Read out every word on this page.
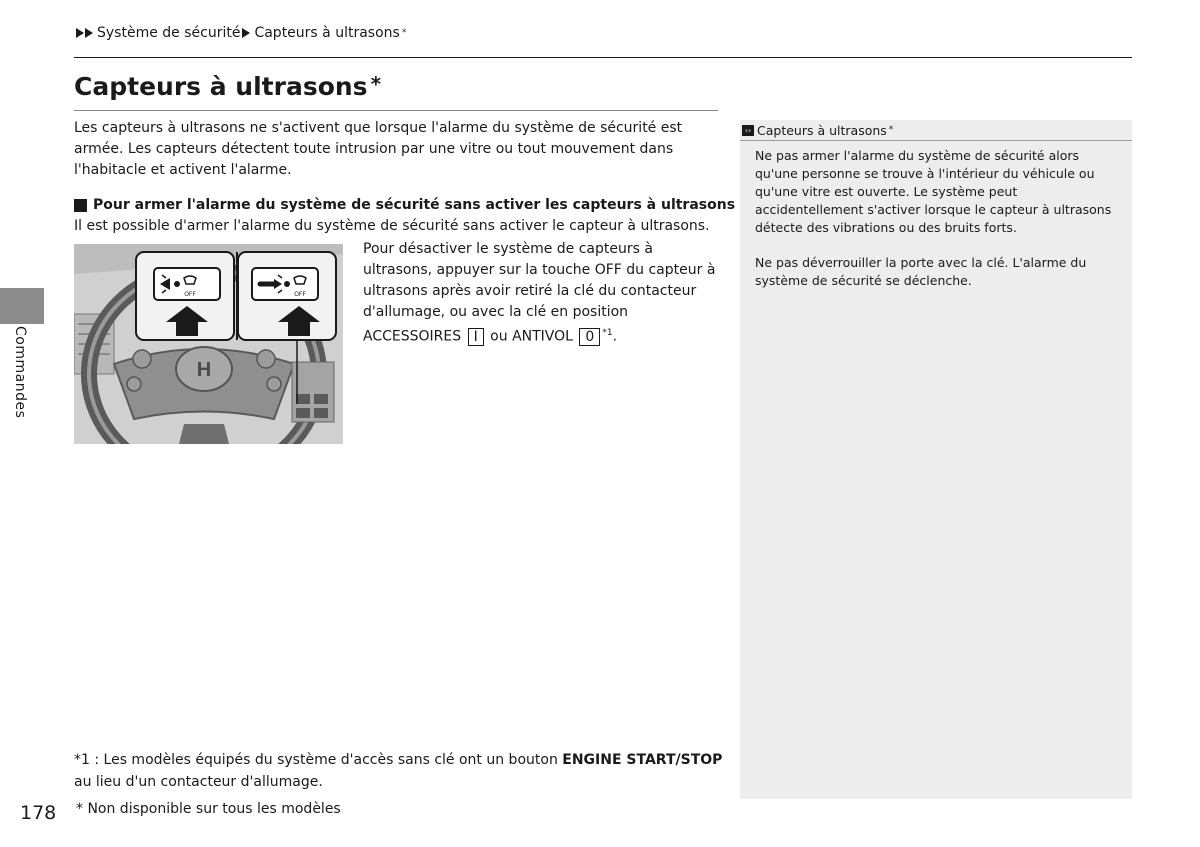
Système de sécurité Capteurs à ultrasons *
Capteurs à ultrasons *

Les capteurs à ultrasons ne s'activent que lorsque l'alarme du système de sécurité est armée. Les capteurs détectent toute intrusion par une vitre ou tout mouvement dans l'habitacle et activent l'alarme.

Pour armer l'alarme du système de sécurité sans activer les capteurs à ultrasons

Il est possible d'armer l'alarme du système de sécurité sans activer le capteur à ultrasons.

H
OFF	OFF

Pour désactiver le système de capteurs à ultrasons, appuyer sur la touche OFF du capteur à ultrasons après avoir retiré la clé du contacteur d'allumage, ou avec la clé en position ACCESSOIRES I ou ANTIVOL 0 $^{*1}$.

Commandes
›› Capteurs à ultrasons *

Ne pas armer l'alarme du système de sécurité alors qu'une personne se trouve à l'intérieur du véhicule ou qu'une vitre est ouverte. Le système peut accidentellement s'activer lorsque le capteur à ultrasons détecte des vibrations ou des bruits forts.

Ne pas déverrouiller la porte avec la clé. L'alarme du système de sécurité se déclenche.

*1 : Les modèles équipés du système d'accès sans clé ont un bouton ENGINE START/STOP au lieu d'un contacteur d'allumage.

* Non disponible sur tous les modèles

178
